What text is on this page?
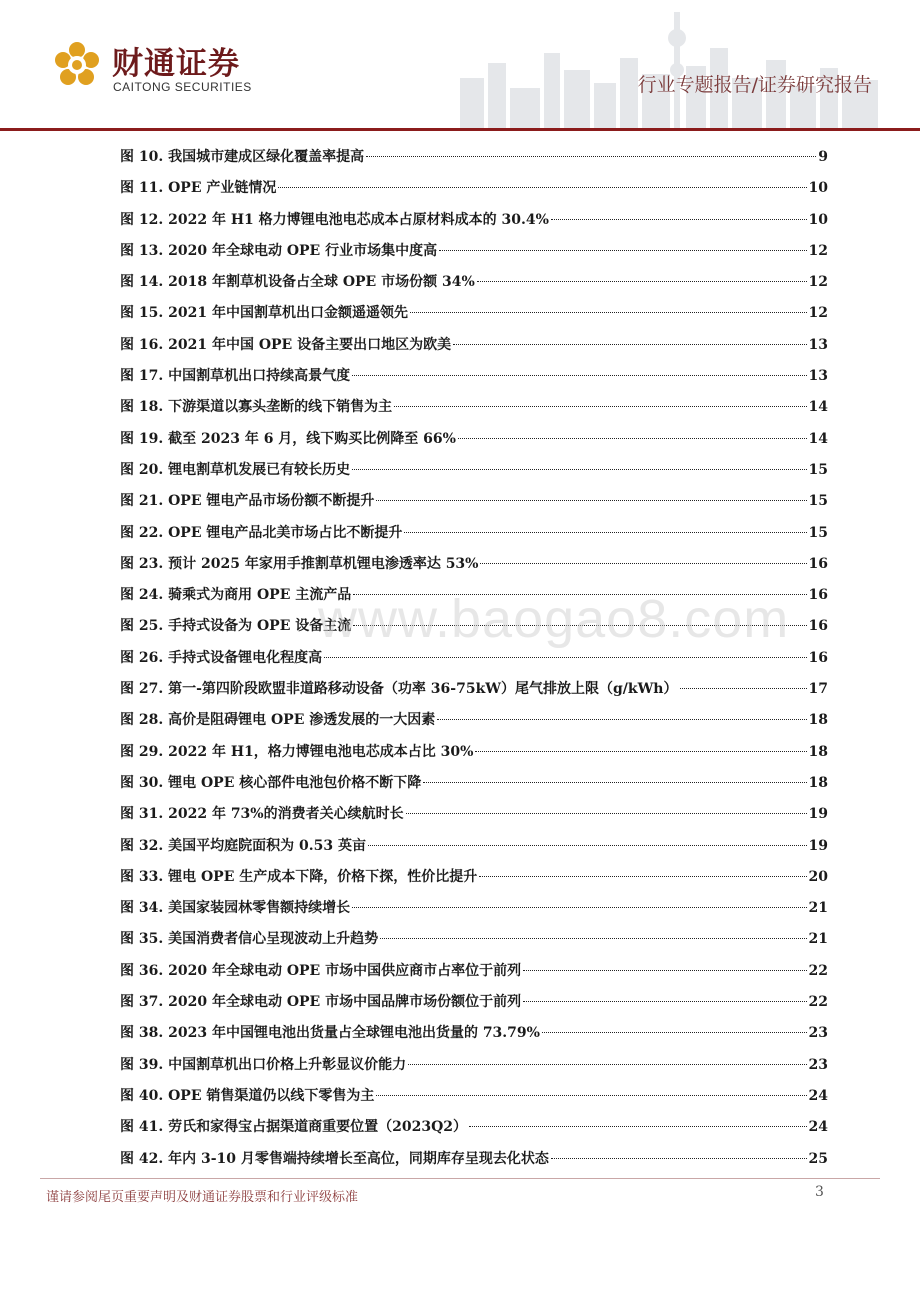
财通证券
CAITONG SECURITIES	行业专题报告/证券研究报告
图 10. 我国城市建成区绿化覆盖率提高	9
图 11. OPE 产业链情况	10
图 12. 2022 年 H1 格力博锂电池电芯成本占原材料成本的 30.4%	10
图 13. 2020 年全球电动 OPE 行业市场集中度高	12
图 14. 2018 年割草机设备占全球 OPE 市场份额 34%	12
图 15. 2021 年中国割草机出口金额遥遥领先	12
图 16. 2021 年中国 OPE 设备主要出口地区为欧美	13
图 17. 中国割草机出口持续高景气度	13
图 18. 下游渠道以寡头垄断的线下销售为主	14
图 19. 截至 2023 年 6 月，线下购买比例降至 66%	14
图 20. 锂电割草机发展已有较长历史	15
图 21. OPE 锂电产品市场份额不断提升	15
图 22. OPE 锂电产品北美市场占比不断提升	15
图 23. 预计 2025 年家用手推割草机锂电渗透率达 53%	16
图 24. 骑乘式为商用 OPE 主流产品	16
图 25. 手持式设备为 OPE 设备主流	16
图 26. 手持式设备锂电化程度高	16
图 27. 第一-第四阶段欧盟非道路移动设备（功率 36-75kW）尾气排放上限（g/kWh）	17
图 28. 高价是阻碍锂电 OPE 渗透发展的一大因素	18
图 29. 2022 年 H1，格力博锂电池电芯成本占比 30%	18
图 30. 锂电 OPE 核心部件电池包价格不断下降	18
图 31. 2022 年 73%的消费者关心续航时长	19
图 32. 美国平均庭院面积为 0.53 英亩	19
图 33. 锂电 OPE 生产成本下降，价格下探，性价比提升	20
图 34. 美国家装园林零售额持续增长	21
图 35. 美国消费者信心呈现波动上升趋势	21
图 36. 2020 年全球电动 OPE 市场中国供应商市占率位于前列	22
图 37. 2020 年全球电动 OPE 市场中国品牌市场份额位于前列	22
图 38. 2023 年中国锂电池出货量占全球锂电池出货量的 73.79%	23
图 39. 中国割草机出口价格上升彰显议价能力	23
图 40. OPE 销售渠道仍以线下零售为主	24
图 41. 劳氏和家得宝占据渠道商重要位置（2023Q2）	24
图 42. 年内 3-10 月零售端持续增长至高位，同期库存呈现去化状态	25
www.baogao8.com
谨请参阅尾页重要声明及财通证券股票和行业评级标准	3
